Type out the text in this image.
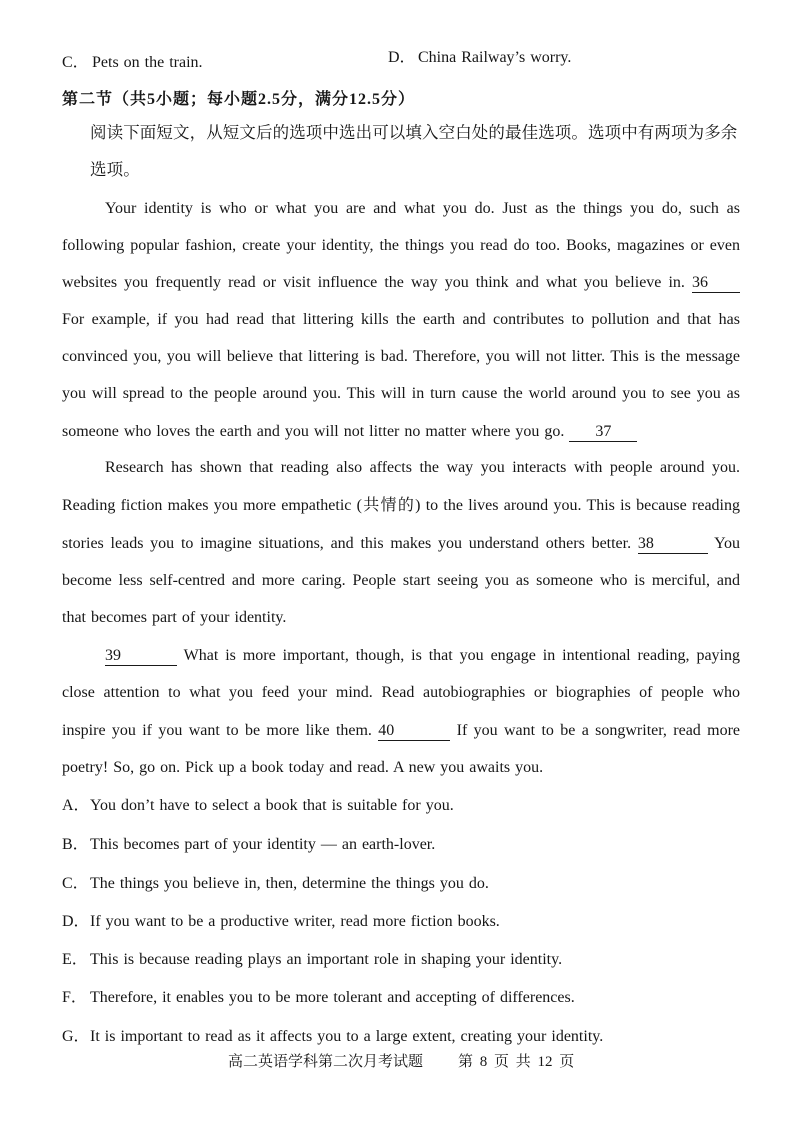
C． Pets on the train.	D． China Railway’s worry.
第二节（共5小题；每小题2.5分，满分12.5分）
阅读下面短文，从短文后的选项中选出可以填入空白处的最佳选项。选项中有两项为多余
选项。
Your identity is who or what you are and what you do. Just as the things you do, such as
following popular fashion, create your identity, the things you read do too. Books, magazines or even
websites you frequently read or visit influence the way you think and what you believe in. 36
For example, if you had read that littering kills the earth and contributes to pollution and that has
convinced you, you will believe that littering is bad. Therefore, you will not litter. This is the message
you will spread to the people around you. This will in turn cause the world around you to see you as
someone who loves the earth and you will not litter no matter where you go. 37
Research has shown that reading also affects the way you interacts with people around you.
Reading fiction makes you more empathetic (共情的) to the lives around you. This is because reading
stories leads you to imagine situations, and this makes you understand others better. 38	You
become less self-centred and more caring. People start seeing you as someone who is merciful, and
that becomes part of your identity.
39	What is more important, though, is that you engage in intentional reading, paying
close attention to what you feed your mind. Read autobiographies or biographies of people who
inspire you if you want to be more like them. 40	If you want to be a songwriter, read more
poetry! So, go on. Pick up a book today and read. A new you awaits you.
A．You don’t have to select a book that is suitable for you.
B．This becomes part of your identity — an earth-lover.
C．The things you believe in, then, determine the things you do.
D．If you want to be a productive writer, read more fiction books.
E． This is because reading plays an important role in shaping your identity.
F． Therefore, it enables you to be more tolerant and accepting of differences.
G．It is important to read as it affects you to a large extent, creating your identity.
高二英语学科第二次月考试题 第 8 页 共 12 页
